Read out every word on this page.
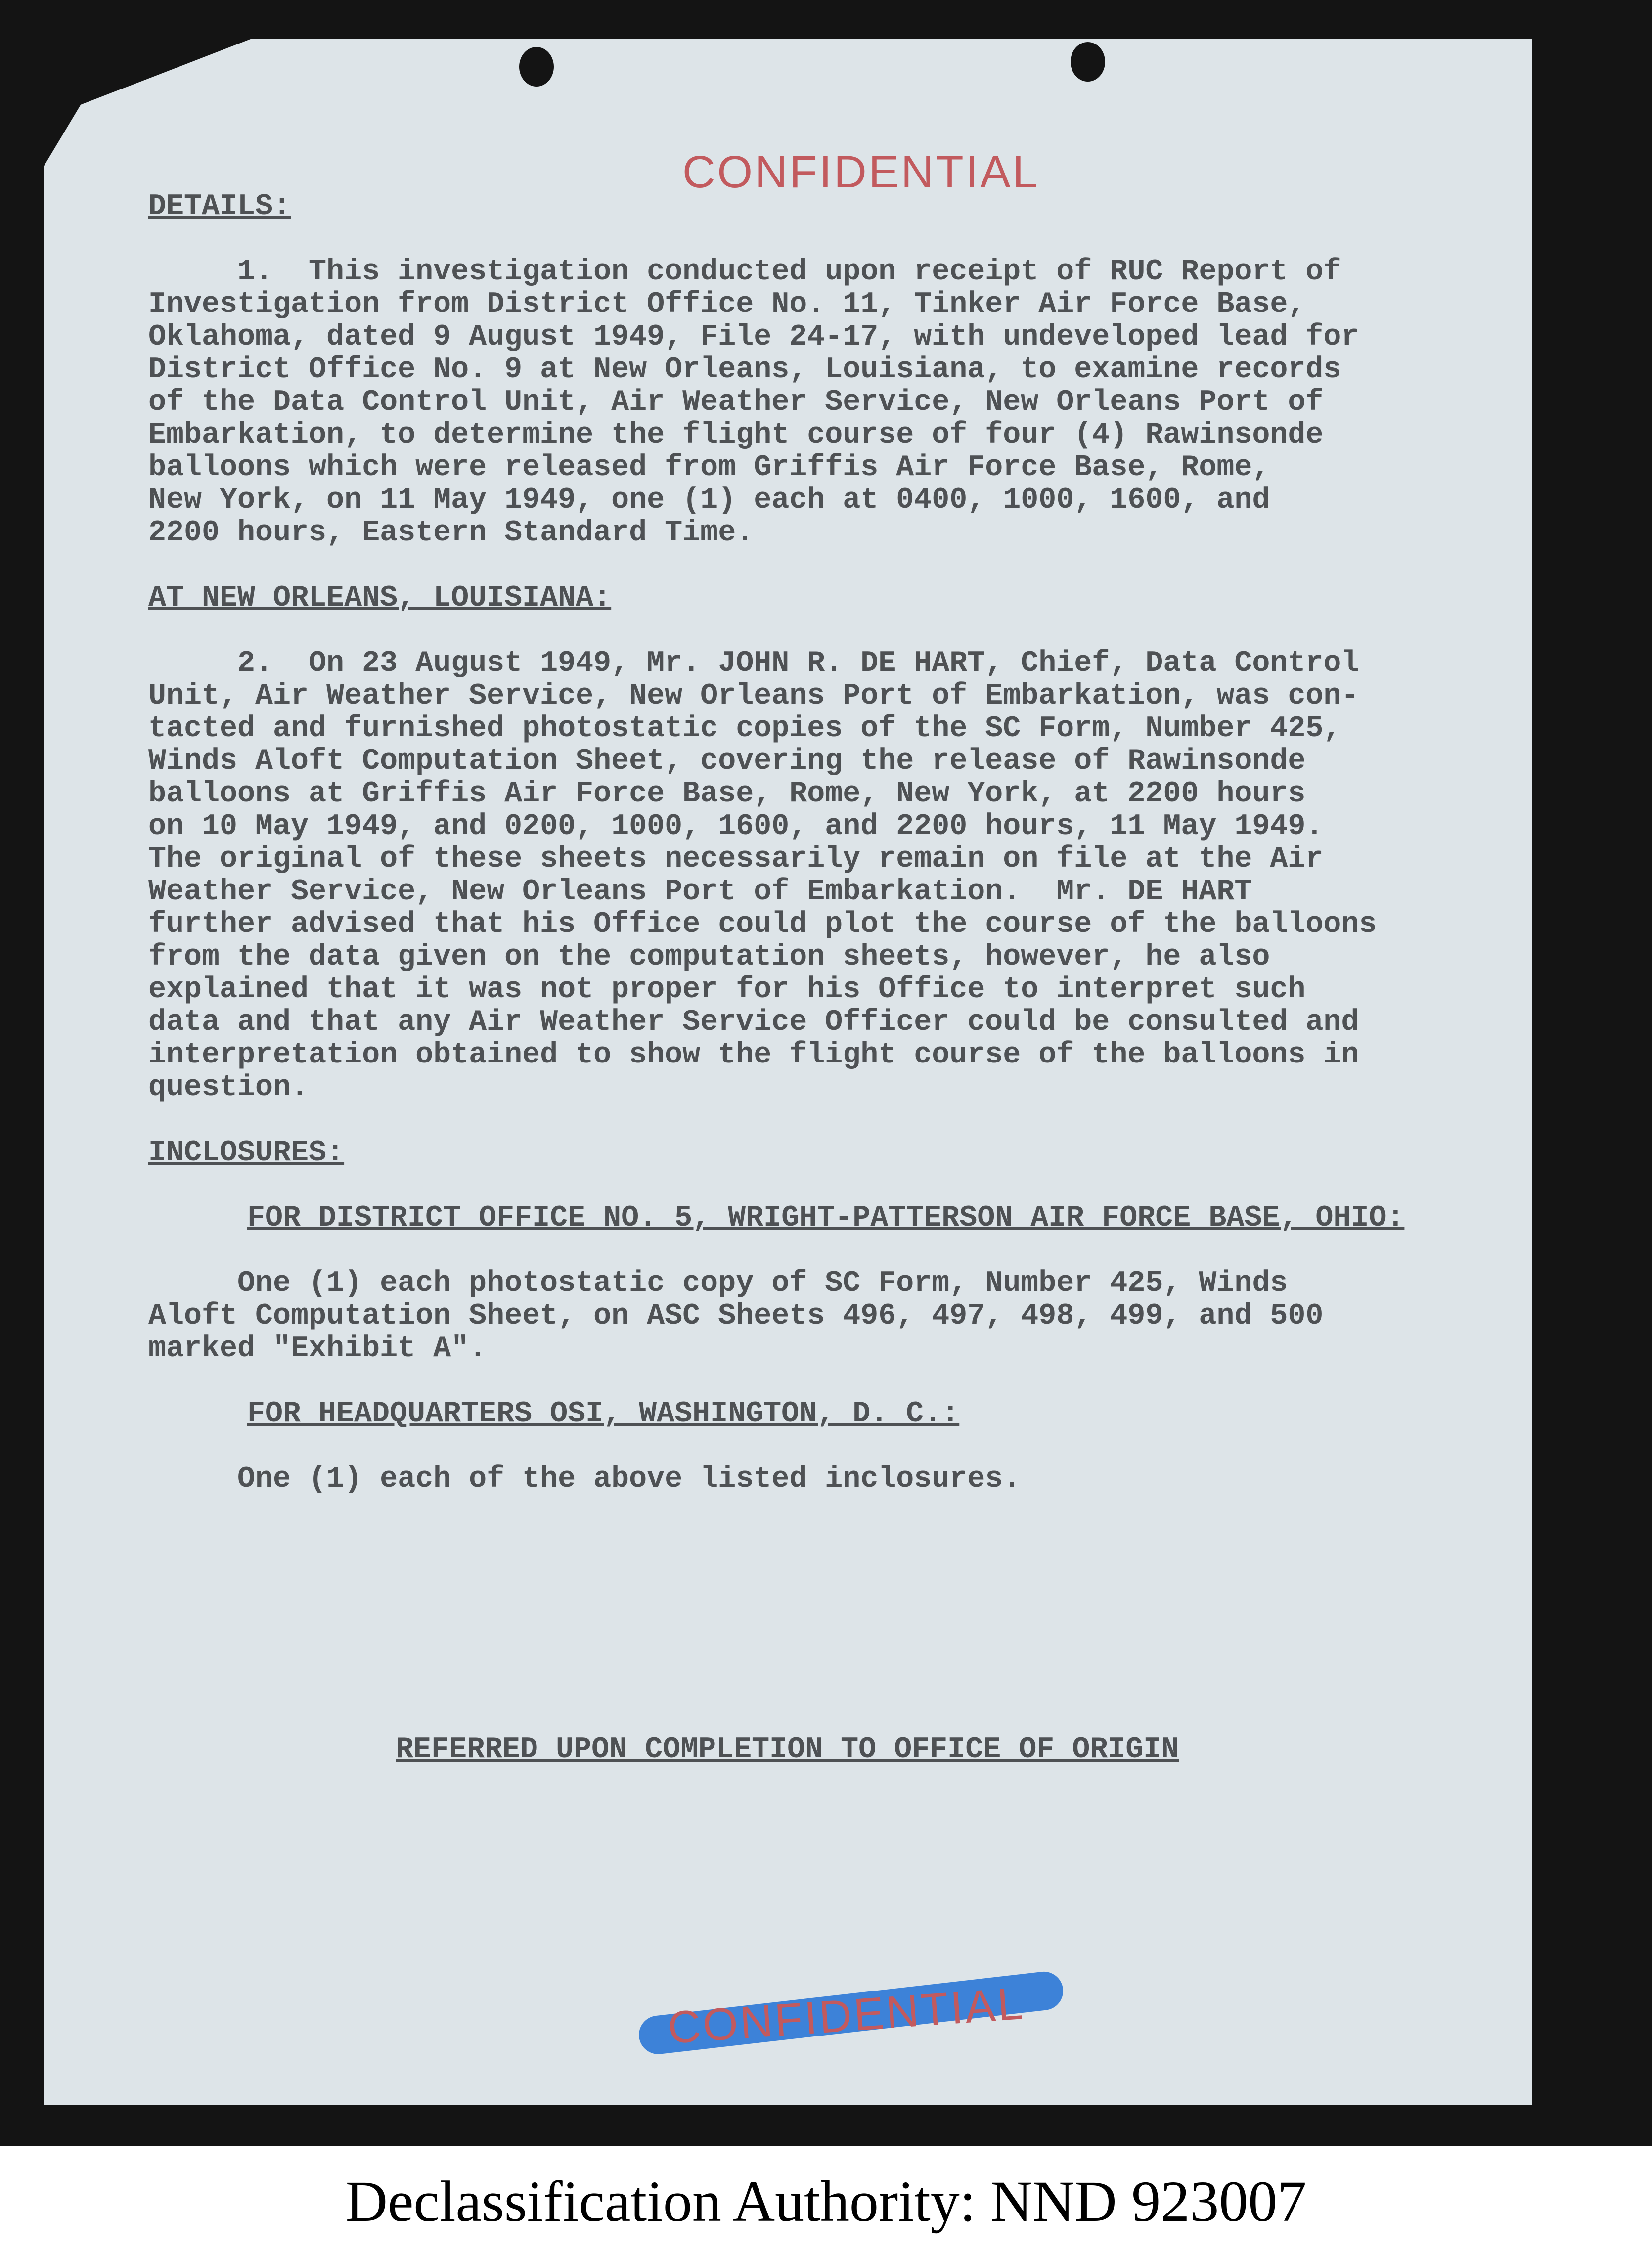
CONFIDENTIAL
DETAILS:
1.  This investigation conducted upon receipt of RUC Report of
Investigation from District Office No. 11, Tinker Air Force Base,
Oklahoma, dated 9 August 1949, File 24-17, with undeveloped lead for
District Office No. 9 at New Orleans, Louisiana, to examine records
of the Data Control Unit, Air Weather Service, New Orleans Port of
Embarkation, to determine the flight course of four (4) Rawinsonde
balloons which were released from Griffis Air Force Base, Rome,
New York, on 11 May 1949, one (1) each at 0400, 1000, 1600, and
2200 hours, Eastern Standard Time.
AT NEW ORLEANS, LOUISIANA:
2.  On 23 August 1949, Mr. JOHN R. DE HART, Chief, Data Control
Unit, Air Weather Service, New Orleans Port of Embarkation, was con-
tacted and furnished photostatic copies of the SC Form, Number 425,
Winds Aloft Computation Sheet, covering the release of Rawinsonde
balloons at Griffis Air Force Base, Rome, New York, at 2200 hours
on 10 May 1949, and 0200, 1000, 1600, and 2200 hours, 11 May 1949.
The original of these sheets necessarily remain on file at the Air
Weather Service, New Orleans Port of Embarkation.  Mr. DE HART
further advised that his Office could plot the course of the balloons
from the data given on the computation sheets, however, he also
explained that it was not proper for his Office to interpret such
data and that any Air Weather Service Officer could be consulted and
interpretation obtained to show the flight course of the balloons in
question.
INCLOSURES:
FOR DISTRICT OFFICE NO. 5, WRIGHT-PATTERSON AIR FORCE BASE, OHIO:
One (1) each photostatic copy of SC Form, Number 425, Winds
Aloft Computation Sheet, on ASC Sheets 496, 497, 498, 499, and 500
marked "Exhibit A".
FOR HEADQUARTERS OSI, WASHINGTON, D. C.:
One (1) each of the above listed inclosures.
REFERRED UPON COMPLETION TO OFFICE OF ORIGIN
CONFIDENTIAL
Declassification Authority: NND 923007
